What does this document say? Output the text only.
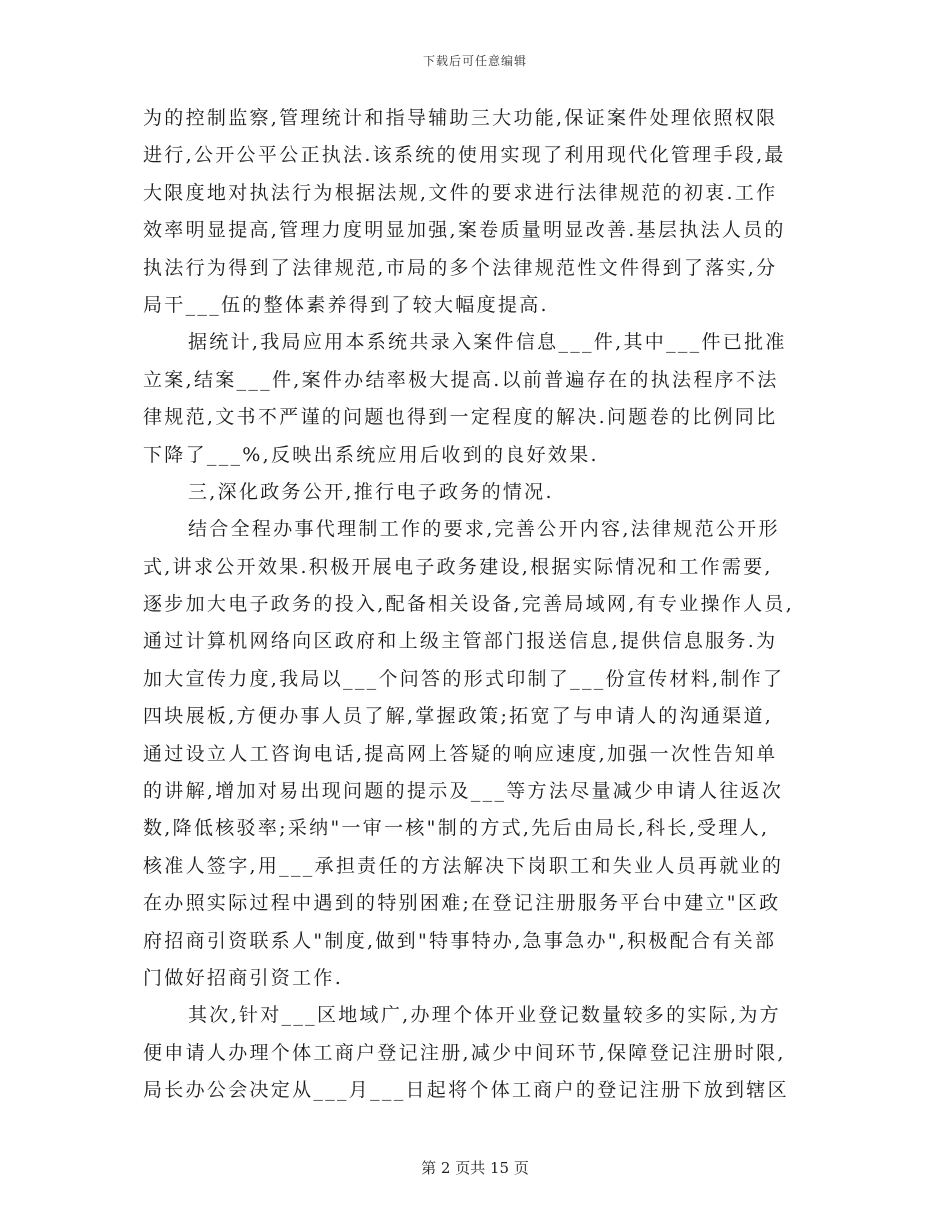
下载后可任意编辑
为的控制监察,管理统计和指导辅助三大功能,保证案件处理依照权限
进行,公开公平公正执法.该系统的使用实现了利用现代化管理手段,最
大限度地对执法行为根据法规,文件的要求进行法律规范的初衷.工作
效率明显提高,管理力度明显加强,案卷质量明显改善.基层执法人员的
执法行为得到了法律规范,市局的多个法律规范性文件得到了落实,分
局干___伍的整体素养得到了较大幅度提高.
据统计,我局应用本系统共录入案件信息___件,其中___件已批准
立案,结案___件,案件办结率极大提高.以前普遍存在的执法程序不法
律规范,文书不严谨的问题也得到一定程度的解决.问题卷的比例同比
下降了___%,反映出系统应用后收到的良好效果.
三,深化政务公开,推行电子政务的情况.
结合全程办事代理制工作的要求,完善公开内容,法律规范公开形
式,讲求公开效果.积极开展电子政务建设,根据实际情况和工作需要,
逐步加大电子政务的投入,配备相关设备,完善局域网,有专业操作人员,
通过计算机网络向区政府和上级主管部门报送信息,提供信息服务.为
加大宣传力度,我局以___个问答的形式印制了___份宣传材料,制作了
四块展板,方便办事人员了解,掌握政策;拓宽了与申请人的沟通渠道,
通过设立人工咨询电话,提高网上答疑的响应速度,加强一次性告知单
的讲解,增加对易出现问题的提示及___等方法尽量减少申请人往返次
数,降低核驳率;采纳"一审一核"制的方式,先后由局长,科长,受理人,
核准人签字,用___承担责任的方法解决下岗职工和失业人员再就业的
在办照实际过程中遇到的特别困难;在登记注册服务平台中建立"区政
府招商引资联系人"制度,做到"特事特办,急事急办",积极配合有关部
门做好招商引资工作.
其次,针对___区地域广,办理个体开业登记数量较多的实际,为方
便申请人办理个体工商户登记注册,减少中间环节,保障登记注册时限,
局长办公会决定从___月___日起将个体工商户的登记注册下放到辖区
第 2 页共 15 页
